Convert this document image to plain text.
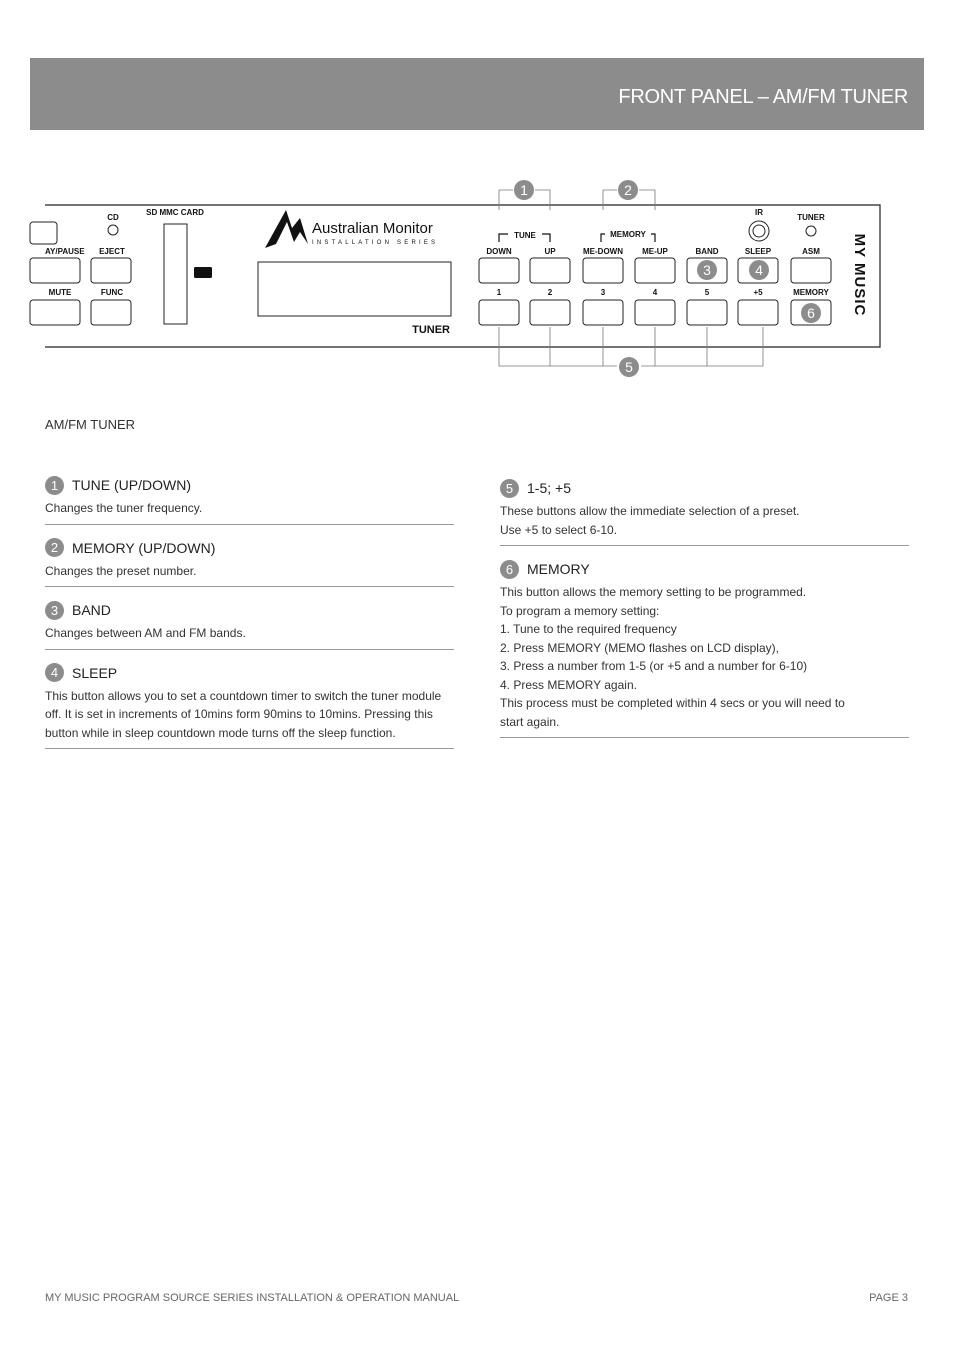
FRONT PANEL – AM/FM TUNER
CD
AY/PAUSE EJECT
MUTE	FUNC
SD MMC CARD
Australian Monitor
INSTALLATION SERIES
TUNER
TUNE	MEMORY
IR
TUNER
DOWN	UP	ME-DOWN ME-UP	BAND	SLEEP	ASM
1	2	3	4	5	+5	MEMORY MY MUSIC
1	2
3	4
5
6
AM/FM TUNER
1 TUNE (UP/DOWN)
Changes the tuner frequency.
2 MEMORY (UP/DOWN)
Changes the preset number.
3 BAND
Changes between AM and FM bands.
4 SLEEP
This button allows you to set a countdown timer to switch the tuner module
off. It is set in increments of 10mins form 90mins to 10mins. Pressing this
button while in sleep countdown mode turns off the sleep function.
5 1-5; +5
These buttons allow the immediate selection of a preset.
Use +5 to select 6-10.
6 MEMORY
This button allows the memory setting to be programmed.
To program a memory setting:
1. Tune to the required frequency
2. Press MEMORY (MEMO flashes on LCD display),
3. Press a number from 1-5 (or +5 and a number for 6-10)
4. Press MEMORY again.
This process must be completed within 4 secs or you will need to
start again.
MY MUSIC PROGRAM SOURCE SERIES INSTALLATION & OPERATION MANUAL	PAGE 3
